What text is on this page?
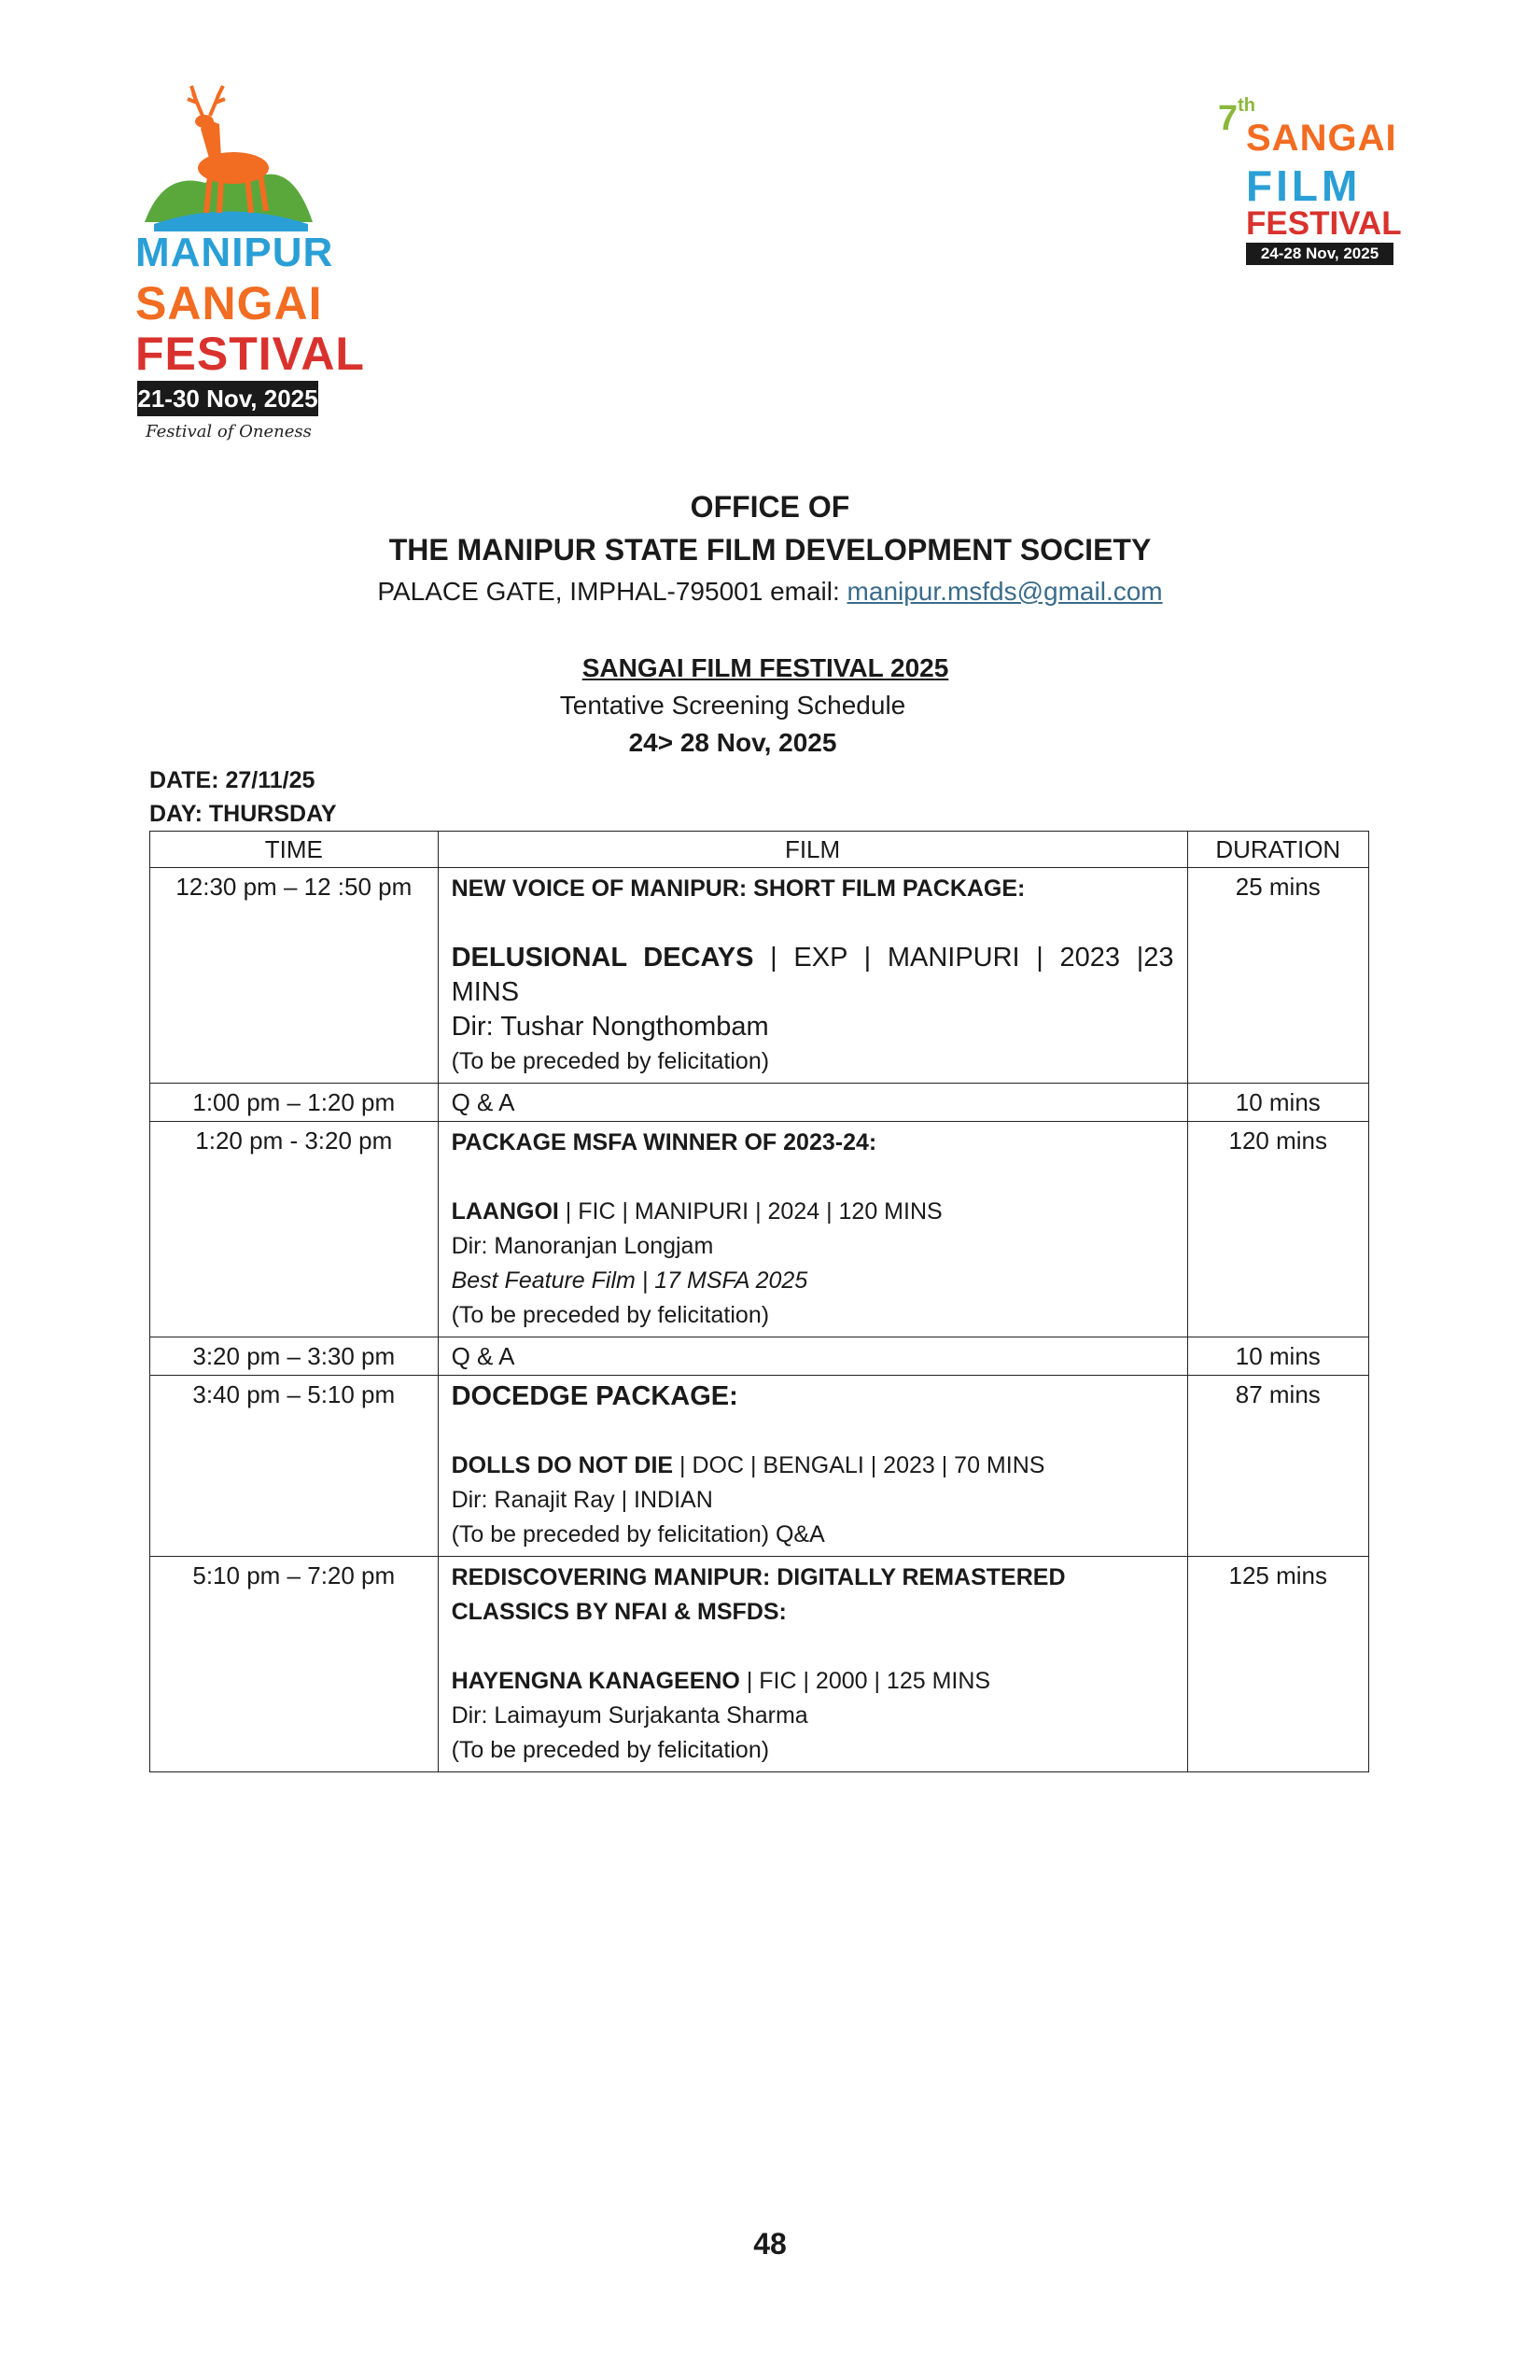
MANIPUR
SANGAI
FESTIVAL
21-30 Nov, 2025
Festival of Oneness
7th
SANGAI
FILM
FESTIVAL
24-28 Nov, 2025
OFFICE OF
THE MANIPUR STATE FILM DEVELOPMENT SOCIETY
PALACE GATE, IMPHAL-795001 email: manipur.msfds@gmail.com
SANGAI FILM FESTIVAL 2025
Tentative Screening Schedule
24> 28 Nov, 2025
DATE: 27/11/25
DAY: THURSDAY
TIME	FILM	DURATION
12:30 pm – 12 :50 pm	NEW VOICE OF MANIPUR: SHORT FILM PACKAGE:
DELUSIONAL DECAYS | EXP | MANIPURI | 2023 |23
MINS
Dir: Tushar Nongthombam
(To be preceded by felicitation)	25 mins
1:00 pm – 1:20 pm	Q & A	10 mins
1:20 pm - 3:20 pm	PACKAGE MSFA WINNER OF 2023-24:
LAANGOI | FIC | MANIPURI | 2024 | 120 MINS
Dir: Manoranjan Longjam
Best Feature Film | 17 MSFA 2025
(To be preceded by felicitation)	120 mins
3:20 pm – 3:30 pm	Q & A	10 mins
3:40 pm – 5:10 pm	DOCEDGE PACKAGE:
DOLLS DO NOT DIE | DOC | BENGALI | 2023 | 70 MINS
Dir: Ranajit Ray | INDIAN
(To be preceded by felicitation) Q&A	87 mins
5:10 pm – 7:20 pm	REDISCOVERING MANIPUR: DIGITALLY REMASTERED
CLASSICS BY NFAI & MSFDS:
HAYENGNA KANAGEENO | FIC | 2000 | 125 MINS
Dir: Laimayum Surjakanta Sharma
(To be preceded by felicitation)	125 mins
48
